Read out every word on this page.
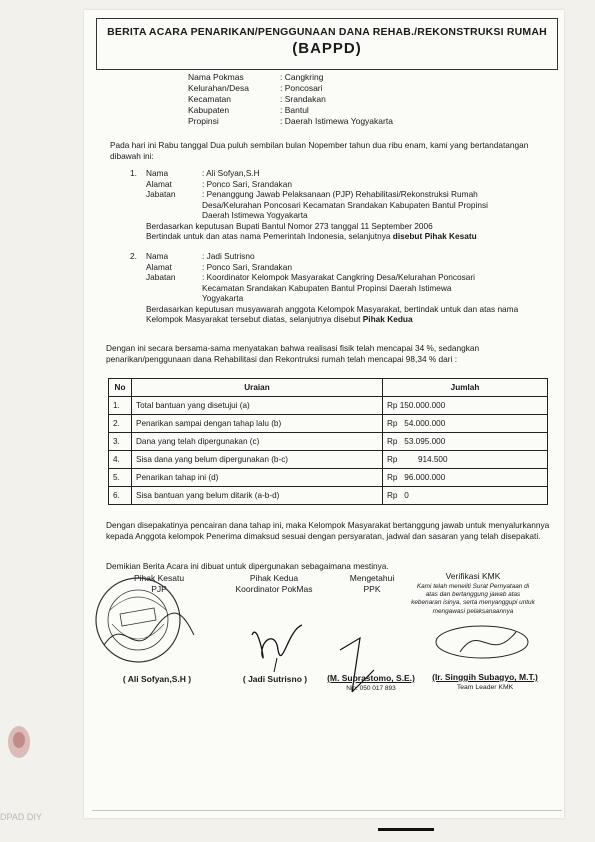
BERITA ACARA PENARIKAN/PENGGUNAAN DANA REHAB./REKONSTRUKSI RUMAH
(BAPPD)
Nama Pokmas	: Cangkring
Kelurahan/Desa	: Poncosari
Kecamatan	: Srandakan
Kabupaten	: Bantul
Propinsi	: Daerah Istimewa Yogyakarta
Pada hari ini Rabu tanggal Dua puluh sembilan bulan Nopember tahun dua ribu enam, kami yang bertandatangan dibawah ini:
1.	Nama	: Ali Sofyan,S.H
Alamat	: Ponco Sari, Srandakan
Jabatan	: Penanggung Jawab Pelaksanaan (PJP) Rehabilitasi/Rekonstruksi Rumah Desa/Kelurahan Poncosari Kecamatan Srandakan Kabupaten Bantul Propinsi Daerah Istimewa Yogyakarta
Berdasarkan keputusan Bupati Bantul Nomor 273 tanggal 11 September 2006
Bertindak untuk dan atas nama Pemerintah Indonesia, selanjutnya disebut Pihak Kesatu
2.	Nama	: Jadi Sutrisno
Alamat	: Ponco Sari, Srandakan
Jabatan	: Koordinator Kelompok Masyarakat Cangkring Desa/Kelurahan Poncosari Kecamatan Srandakan Kabupaten Bantul Propinsi Daerah Istimewa Yogyakarta
Berdasarkan keputusan musyawarah anggota Kelompok Masyarakat, bertindak untuk dan atas nama Kelompok Masyarakat tersebut diatas, selanjutnya disebut Pihak Kedua
Dengan ini secara bersama-sama menyatakan bahwa realisasi fisik telah mencapai 34 %, sedangkan penarikan/penggunaan dana Rehabilitasi dan Rekontruksi rumah telah mencapai 98,34 % dari :
No	Uraian	Jumlah
1.	Total bantuan yang disetujui (a)	Rp 150.000.000
2.	Penarikan sampai dengan tahap lalu (b)	Rp   54.000.000
3.	Dana yang telah dipergunakan (c)	Rp   53.095.000
4.	Sisa dana yang belum dipergunakan (b-c)	Rp         914.500
5.	Penarikan tahap ini (d)	Rp   96.000.000
6.	Sisa bantuan yang belum ditarik (a-b-d)	Rp   0
Dengan disepakatinya pencairan dana tahap ini, maka Kelompok Masyarakat bertanggung jawab untuk menyalurkannya kepada Anggota kelompok Penerima dimaksud sesuai dengan persyaratan, jadwal dan sasaran yang telah disepakati.
Demikian Berita Acara ini dibuat untuk dipergunakan sebagaimana mestinya.
Pihak Kesatu
PJP
Pihak Kedua
Koordinator PokMas
Mengetahui
PPK
Verifikasi KMK
Kami telah meneliti Surat Pernyataan di atas dan bertanggung jawab atas kebenaran isinya, serta menyanggupi untuk mengawasi pelaksanaannya
( Ali Sofyan,S.H )	( Jadi Sutrisno )	(M. Suprastomo, S.E.)
Nip. 050 017 893
(Ir. Singgih Subagyo, M.T.)
Team Leader KMK
DPAD DIY
